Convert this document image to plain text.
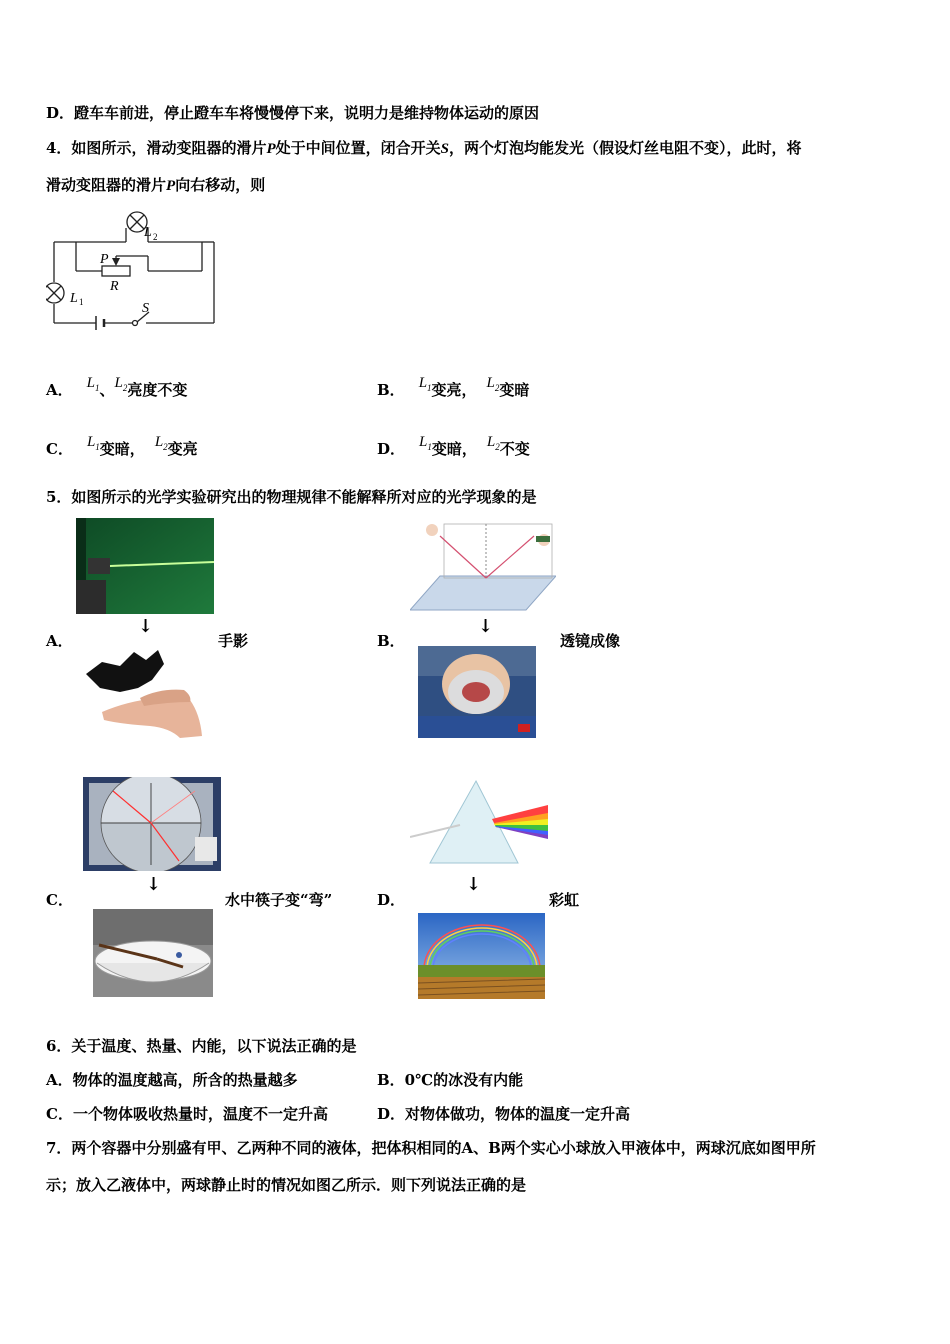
D．蹬车车前进，停止蹬车车将慢慢停下来，说明力是维持物体运动的原因
4．如图所示，滑动变阻器的滑片P处于中间位置，闭合开关S，两个灯泡均能发光（假设灯丝电阻不变），此时，将
滑动变阻器的滑片P向右移动，则
L 2
P
R
L 1	S
A． $L_1$、$L_2$亮度不变	B． $L_1$变亮， $L_2$变暗
C． $L_1$变暗， $L_2$变亮	D． $L_1$变暗， $L_2$不变
5．如图所示的光学实验研究出的物理规律不能解释所对应的光学现象的是
↓
A．	手影
↓
B．	透镜成像
↓
C．	水中筷子变“弯”
↓
D．	彩虹
6．关于温度、热量、内能，以下说法正确的是
A．物体的温度越高，所含的热量越多	B．0℃的冰没有内能
C．一个物体吸收热量时，温度不一定升高	D．对物体做功，物体的温度一定升高
7．两个容器中分别盛有甲、乙两种不同的液体，把体积相同的A、B两个实心小球放入甲液体中，两球沉底如图甲所
示；放入乙液体中，两球静止时的情况如图乙所示．则下列说法正确的是
